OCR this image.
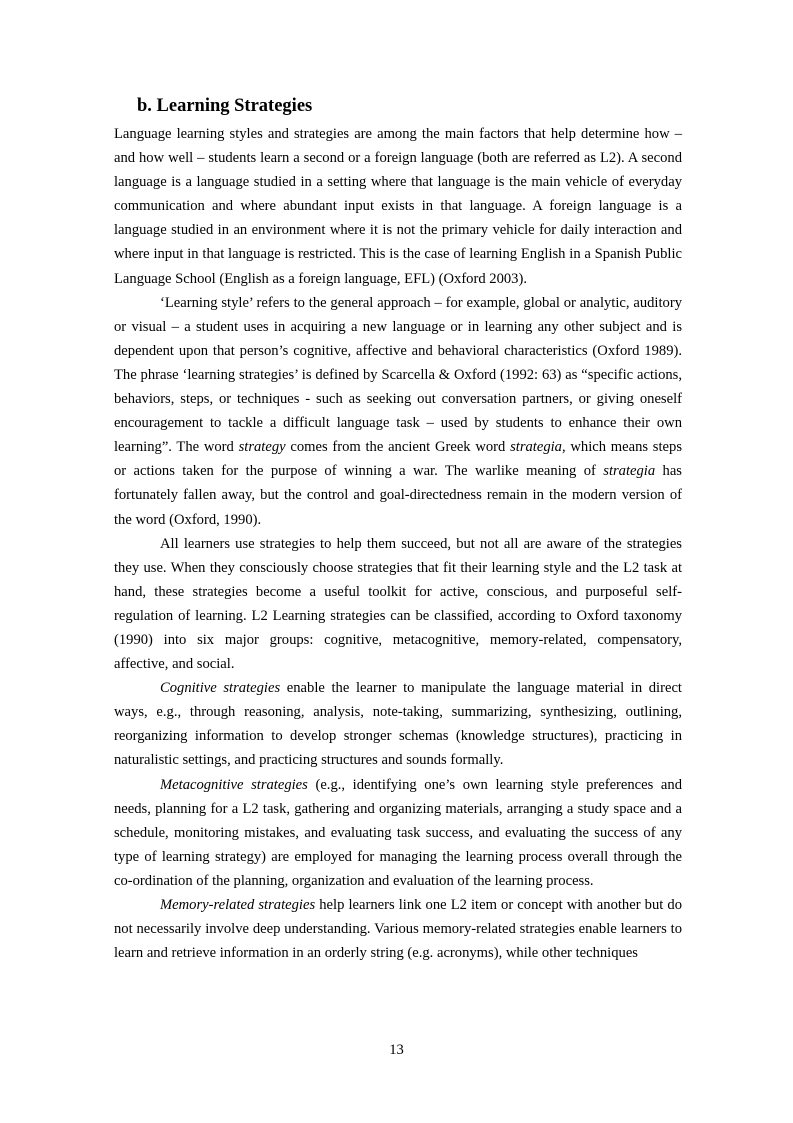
b. Learning Strategies

Language learning styles and strategies are among the main factors that help determine how – and how well – students learn a second or a foreign language (both are referred as L2). A second language is a language studied in a setting where that language is the main vehicle of everyday communication and where abundant input exists in that language. A foreign language is a language studied in an environment where it is not the primary vehicle for daily interaction and where input in that language is restricted. This is the case of learning English in a Spanish Public Language School (English as a foreign language, EFL) (Oxford 2003).

‘Learning style’ refers to the general approach – for example, global or analytic, auditory or visual – a student uses in acquiring a new language or in learning any other subject and is dependent upon that person’s cognitive, affective and behavioral characteristics (Oxford 1989). The phrase ‘learning strategies’ is defined by Scarcella & Oxford (1992: 63) as “specific actions, behaviors, steps, or techniques - such as seeking out conversation partners, or giving oneself encouragement to tackle a difficult language task – used by students to enhance their own learning”. The word strategy comes from the ancient Greek word strategia, which means steps or actions taken for the purpose of winning a war. The warlike meaning of strategia has fortunately fallen away, but the control and goal-directedness remain in the modern version of the word (Oxford, 1990).

All learners use strategies to help them succeed, but not all are aware of the strategies they use. When they consciously choose strategies that fit their learning style and the L2 task at hand, these strategies become a useful toolkit for active, conscious, and purposeful self-regulation of learning. L2 Learning strategies can be classified, according to Oxford taxonomy (1990) into six major groups: cognitive, metacognitive, memory-related, compensatory, affective, and social.

Cognitive strategies enable the learner to manipulate the language material in direct ways, e.g., through reasoning, analysis, note-taking, summarizing, synthesizing, outlining, reorganizing information to develop stronger schemas (knowledge structures), practicing in naturalistic settings, and practicing structures and sounds formally.

Metacognitive strategies (e.g., identifying one’s own learning style preferences and needs, planning for a L2 task, gathering and organizing materials, arranging a study space and a schedule, monitoring mistakes, and evaluating task success, and evaluating the success of any type of learning strategy) are employed for managing the learning process overall through the co-ordination of the planning, organization and evaluation of the learning process.

Memory-related strategies help learners link one L2 item or concept with another but do not necessarily involve deep understanding. Various memory-related strategies enable learners to learn and retrieve information in an orderly string (e.g. acronyms), while other techniques

13
